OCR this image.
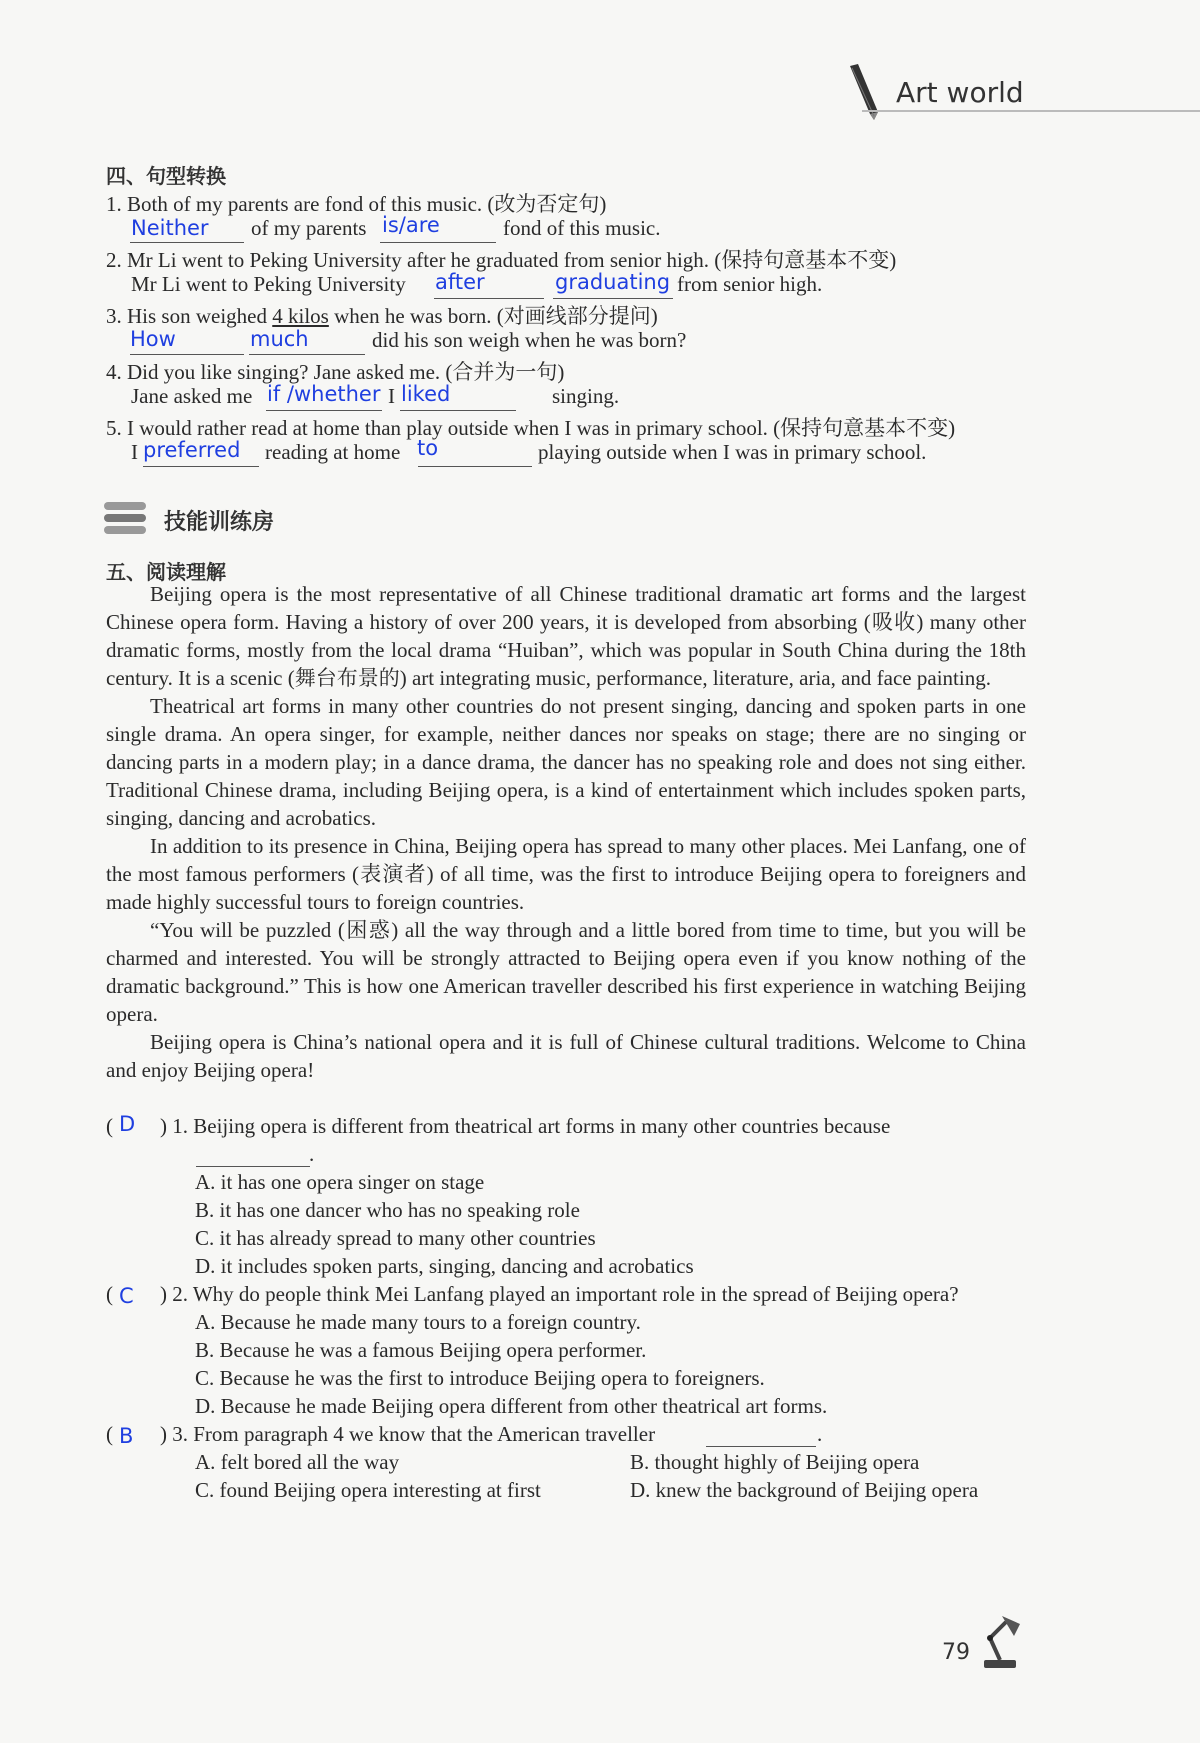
Art world
四、句型转换
1. Both of my parents are fond of this music. (改为否定句)
Neither of my parents is/are	fond of this music.
2. Mr Li went to Peking University after he graduated from senior high. (保持句意基本不变)
Mr Li went to Peking University after	graduating from senior high.
3. His son weighed 4 kilos when he was born. (对画线部分提问)
How	much	did his son weigh when he was born?
4. Did you like singing? Jane asked me. (合并为一句)
Jane asked me if /whether I liked	singing.
5. I would rather read at home than play outside when I was in primary school. (保持句意基本不变)
I preferred reading at home to	playing outside when I was in primary school.
技能训练房
五、阅读理解

Beijing opera is the most representative of all Chinese traditional dramatic art forms and the largest Chinese opera form. Having a history of over 200 years, it is developed from absorbing (吸收) many other dramatic forms, mostly from the local drama “Huiban”, which was popular in South China during the 18th century. It is a scenic (舞台布景的) art integrating music, performance, literature, aria, and face painting.

Theatrical art forms in many other countries do not present singing, dancing and spoken parts in one single drama. An opera singer, for example, neither dances nor speaks on stage; there are no singing or dancing parts in a modern play; in a dance drama, the dancer has no speaking role and does not sing either. Traditional Chinese drama, including Beijing opera, is a kind of entertainment which includes spoken parts, singing, dancing and acrobatics.

In addition to its presence in China, Beijing opera has spread to many other places. Mei Lanfang, one of the most famous performers (表演者) of all time, was the first to introduce Beijing opera to foreigners and made highly successful tours to foreign countries.

“You will be puzzled (困惑) all the way through and a little bored from time to time, but you will be charmed and interested. You will be strongly attracted to Beijing opera even if you know nothing of the dramatic background.” This is how one American traveller described his first experience in watching Beijing opera.

Beijing opera is China’s national opera and it is full of Chinese cultural traditions. Welcome to China and enjoy Beijing opera!

( D ) 1. Beijing opera is different from theatrical art forms in many other countries because
.
A. it has one opera singer on stage
B. it has one dancer who has no speaking role
C. it has already spread to many other countries
D. it includes spoken parts, singing, dancing and acrobatics
( C ) 2. Why do people think Mei Lanfang played an important role in the spread of Beijing opera?
A. Because he made many tours to a foreign country.
B. Because he was a famous Beijing opera performer.
C. Because he was the first to introduce Beijing opera to foreigners.
D. Because he made Beijing opera different from other theatrical art forms.
( B ) 3. From paragraph 4 we know that the American traveller	.
A. felt bored all the way	B. thought highly of Beijing opera
C. found Beijing opera interesting at first	D. knew the background of Beijing opera
79
